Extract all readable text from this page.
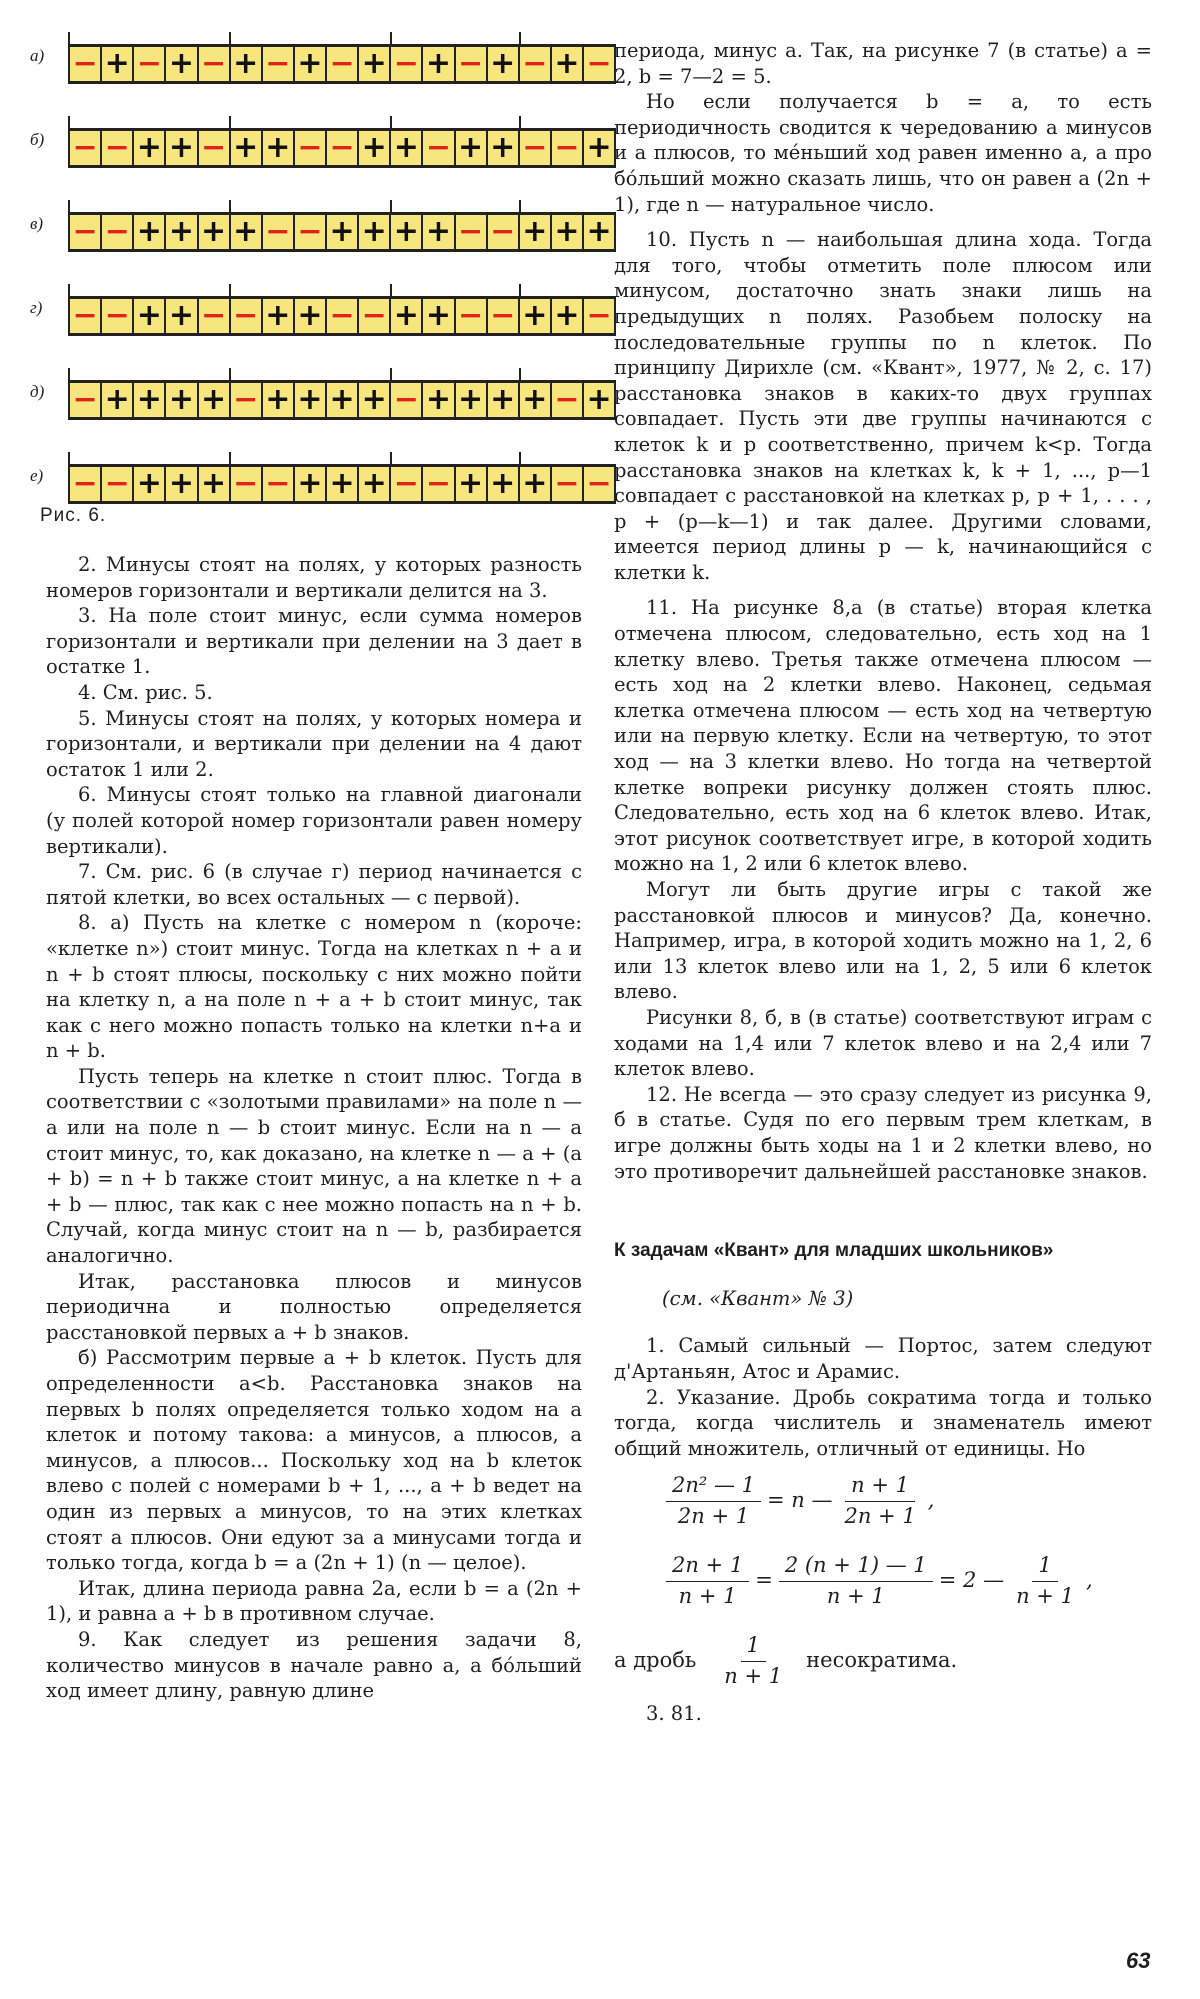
а) − + − + − + − + − + − + − + − + −
б) − − + + − + + − − + + − + + − − +
в) − − + + + + − − + + + + − − + + +
г)	− − + + − − + + − − + + − − + + −
д) − + + + + − + + + + − + + + + − +
е) − − + + + − − + + + − − + + + − −
Рис. 6.

2. Минусы стоят на полях, у которых разность номеров горизонтали и вертикали делится на 3.

3. На поле стоит минус, если сумма номеров горизонтали и вертикали при делении на 3 дает в остатке 1.

4. См. рис. 5.

5. Минусы стоят на полях, у которых номера и горизонтали, и вертикали при делении на 4 дают остаток 1 или 2.

6. Минусы стоят только на главной диагонали (у полей которой номер горизонтали равен номеру вертикали).

7. См. рис. 6 (в случае г) период начинается с пятой клетки, во всех остальных — с первой).

8. а) Пусть на клетке с номером n (короче: «клетке n») стоит минус. Тогда на клетках n + a и n + b стоят плюсы, поскольку с них можно пойти на клетку n, а на поле n + a + b стоит минус, так как с него можно попасть только на клетки n+a и n + b.

Пусть теперь на клетке n стоит плюс. Тогда в соответствии с «золотыми правилами» на поле n — a или на поле n — b стоит минус. Если на n — a стоит минус, то, как доказано, на клетке n — a + (a + b) = n + b также стоит минус, а на клетке n + a + b — плюс, так как с нее можно попасть на n + b. Случай, когда минус стоит на n — b, разбирается аналогично.

Итак, расстановка плюсов и минусов периодична и полностью определяется расстановкой первых a + b знаков.

б) Рассмотрим первые a + b клеток. Пусть для определенности a<b. Расстановка знаков на первых b полях определяется только ходом на a клеток и потому такова: a минусов, a плюсов, a минусов, a плюсов... Поскольку ход на b клеток влево с полей с номерами b + 1, ..., a + b ведет на один из первых a минусов, то на этих клетках стоят a плюсов. Они едуют за a минусами тогда и только тогда, когда b = a (2n + 1) (n — целое).

Итак, длина периода равна 2a, если b = a (2n + 1), и равна a + b в противном случае.

9. Как следует из решения задачи 8, количество минусов в начале равно a, а бо́льший ход имеет длину, равную длине

периода, минус a. Так, на рисунке 7 (в статье) a = 2, b = 7—2 = 5.

Но если получается b = a, то есть периодичность сводится к чередованию a минусов и a плюсов, то ме́ньший ход равен именно a, а про бо́льший можно сказать лишь, что он равен a (2n + 1), где n — натуральное число.

10. Пусть n — наибольшая длина хода. Тогда для того, чтобы отметить поле плюсом или минусом, достаточно знать знаки лишь на предыдущих n полях. Разобьем полоску на последовательные группы по n клеток. По принципу Дирихле (см. «Квант», 1977, № 2, с. 17) расстановка знаков в каких-то двух группах совпадает. Пусть эти две группы начинаются с клеток k и p соответственно, причем k<p. Тогда расстановка знаков на клетках k, k + 1, ..., p—1 совпадает с расстановкой на клетках p, p + 1, . . . , p + (p—k—1) и так далее. Другими словами, имеется период длины p — k, начинающийся с клетки k.

11. На рисунке 8,а (в статье) вторая клетка отмечена плюсом, следовательно, есть ход на 1 клетку влево. Третья также отмечена плюсом — есть ход на 2 клетки влево. Наконец, седьмая клетка отмечена плюсом — есть ход на четвертую или на первую клетку. Если на четвертую, то этот ход — на 3 клетки влево. Но тогда на четвертой клетке вопреки рисунку должен стоять плюс. Следовательно, есть ход на 6 клеток влево. Итак, этот рисунок соответствует игре, в которой ходить можно на 1, 2 или 6 клеток влево.

Могут ли быть другие игры с такой же расстановкой плюсов и минусов? Да, конечно. Например, игра, в которой ходить можно на 1, 2, 6 или 13 клеток влево или на 1, 2, 5 или 6 клеток влево.

Рисунки 8, б, в (в статье) соответствуют играм с ходами на 1,4 или 7 клеток влево и на 2,4 или 7 клеток влево.

12. Не всегда — это сразу следует из рисунка 9, б в статье. Судя по его первым трем клеткам, в игре должны быть ходы на 1 и 2 клетки влево, но это противоречит дальнейшей расстановке знаков.

К задачам «Квант» для младших школьников»

(см. «Квант» № 3)

1. Самый сильный — Портос, затем следуют д'Артаньян, Атос и Арамис.

2. Указание. Дробь сократима тогда и только тогда, когда числитель и знаменатель имеют общий множитель, отличный от единицы. Но

$\frac{\text{2n² — 1}}{2n + 1} = n$ — $\frac{n + 1}{2n + 1}$ ,
$\frac{2n + 1}{n + 1} = \frac{2 (n + 1) — 1}{n + 1} = 2$ — $\frac{1}{n + 1}$ ,
а дробь $\frac{1}{n + 1}$ несократима.

3. 81.

63
